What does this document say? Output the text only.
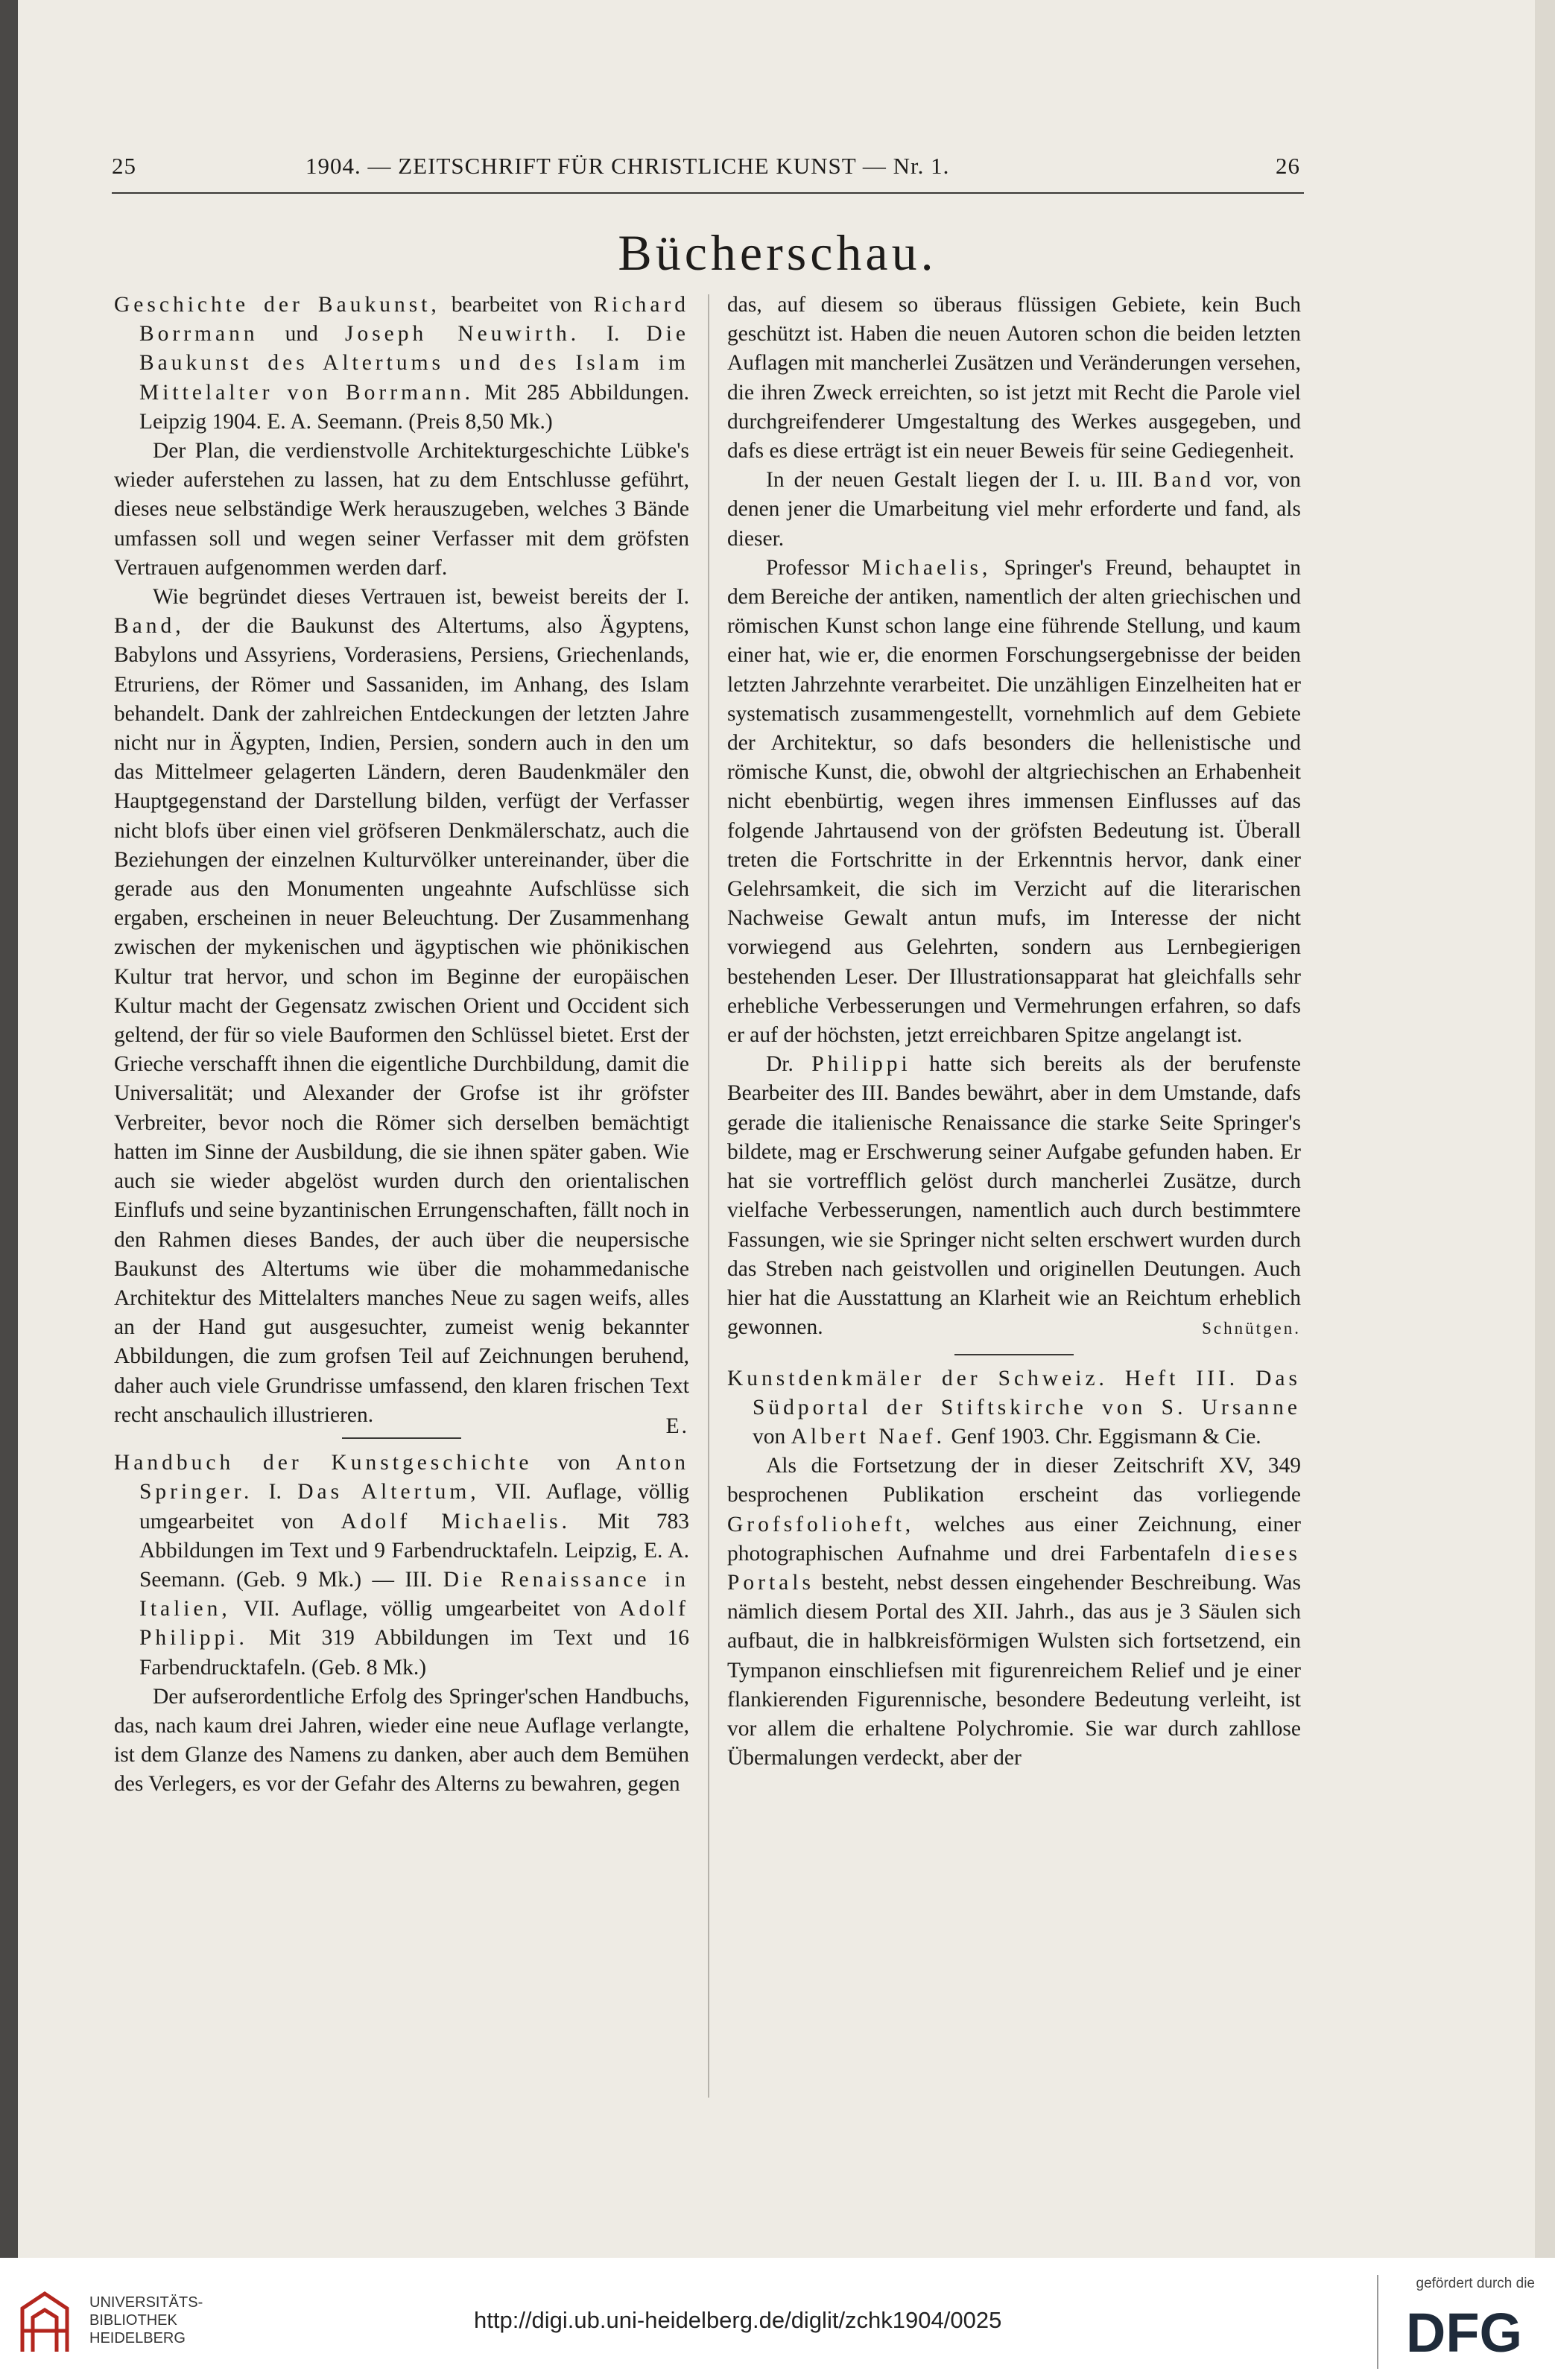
25	1904. — ZEITSCHRIFT FÜR CHRISTLICHE KUNST — Nr. 1.	26
Bücherschau.

Geschichte der Baukunst, bearbeitet von Richard Borrmann und Joseph Neuwirth. I. Die Baukunst des Altertums und des Islam im Mittelalter von Borrmann. Mit 285 Abbildungen. Leipzig 1904. E. A. Seemann. (Preis 8,50 Mk.)

Der Plan, die verdienstvolle Architekturgeschichte Lübke's wieder auferstehen zu lassen, hat zu dem Entschlusse geführt, dieses neue selbständige Werk herauszugeben, welches 3 Bände umfassen soll und wegen seiner Verfasser mit dem gröfsten Vertrauen aufgenommen werden darf.

Wie begründet dieses Vertrauen ist, beweist bereits der I. Band, der die Baukunst des Altertums, also Ägyptens, Babylons und Assyriens, Vorderasiens, Persiens, Griechenlands, Etruriens, der Römer und Sassaniden, im Anhang, des Islam behandelt. Dank der zahlreichen Entdeckungen der letzten Jahre nicht nur in Ägypten, Indien, Persien, sondern auch in den um das Mittelmeer gelagerten Ländern, deren Baudenkmäler den Hauptgegenstand der Darstellung bilden, verfügt der Verfasser nicht blofs über einen viel gröfseren Denkmälerschatz, auch die Beziehungen der einzelnen Kulturvölker untereinander, über die gerade aus den Monumenten ungeahnte Aufschlüsse sich ergaben, erscheinen in neuer Beleuchtung. Der Zusammenhang zwischen der mykenischen und ägyptischen wie phönikischen Kultur trat hervor, und schon im Beginne der europäischen Kultur macht der Gegensatz zwischen Orient und Occident sich geltend, der für so viele Bauformen den Schlüssel bietet. Erst der Grieche verschafft ihnen die eigentliche Durchbildung, damit die Universalität; und Alexander der Grofse ist ihr gröfster Verbreiter, bevor noch die Römer sich derselben bemächtigt hatten im Sinne der Ausbildung, die sie ihnen später gaben. Wie auch sie wieder abgelöst wurden durch den orientalischen Einflufs und seine byzantinischen Errungenschaften, fällt noch in den Rahmen dieses Bandes, der auch über die neupersische Baukunst des Altertums wie über die mohammedanische Architektur des Mittelalters manches Neue zu sagen weifs, alles an der Hand gut ausgesuchter, zumeist wenig bekannter Abbildungen, die zum grofsen Teil auf Zeichnungen beruhend, daher auch viele Grundrisse umfassend, den klaren frischen Text recht anschaulich illustrieren.	E.

Handbuch der Kunstgeschichte von Anton Springer. I. Das Altertum, VII. Auflage, völlig umgearbeitet von Adolf Michaelis. Mit 783 Abbildungen im Text und 9 Farbendrucktafeln. Leipzig, E. A. Seemann. (Geb. 9 Mk.) — III. Die Renaissance in Italien, VII. Auflage, völlig umgearbeitet von Adolf Philippi. Mit 319 Abbildungen im Text und 16 Farbendrucktafeln. (Geb. 8 Mk.)

Der aufserordentliche Erfolg des Springer'schen Handbuchs, das, nach kaum drei Jahren, wieder eine neue Auflage verlangte, ist dem Glanze des Namens zu danken, aber auch dem Bemühen des Verlegers, es vor der Gefahr des Alterns zu bewahren, gegen

das, auf diesem so überaus flüssigen Gebiete, kein Buch geschützt ist. Haben die neuen Autoren schon die beiden letzten Auflagen mit mancherlei Zusätzen und Veränderungen versehen, die ihren Zweck erreichten, so ist jetzt mit Recht die Parole viel durchgreifenderer Umgestaltung des Werkes ausgegeben, und dafs es diese erträgt ist ein neuer Beweis für seine Gediegenheit.

In der neuen Gestalt liegen der I. u. III. Band vor, von denen jener die Umarbeitung viel mehr erforderte und fand, als dieser.

Professor Michaelis, Springer's Freund, behauptet in dem Bereiche der antiken, namentlich der alten griechischen und römischen Kunst schon lange eine führende Stellung, und kaum einer hat, wie er, die enormen Forschungsergebnisse der beiden letzten Jahrzehnte verarbeitet. Die unzähligen Einzelheiten hat er systematisch zusammengestellt, vornehmlich auf dem Gebiete der Architektur, so dafs besonders die hellenistische und römische Kunst, die, obwohl der altgriechischen an Erhabenheit nicht ebenbürtig, wegen ihres immensen Einflusses auf das folgende Jahrtausend von der gröfsten Bedeutung ist. Überall treten die Fortschritte in der Erkenntnis hervor, dank einer Gelehrsamkeit, die sich im Verzicht auf die literarischen Nachweise Gewalt antun mufs, im Interesse der nicht vorwiegend aus Gelehrten, sondern aus Lernbegierigen bestehenden Leser. Der Illustrationsapparat hat gleichfalls sehr erhebliche Verbesserungen und Vermehrungen erfahren, so dafs er auf der höchsten, jetzt erreichbaren Spitze angelangt ist.

Dr. Philippi hatte sich bereits als der berufenste Bearbeiter des III. Bandes bewährt, aber in dem Umstande, dafs gerade die italienische Renaissance die starke Seite Springer's bildete, mag er Erschwerung seiner Aufgabe gefunden haben. Er hat sie vortrefflich gelöst durch mancherlei Zusätze, durch vielfache Verbesserungen, namentlich auch durch bestimmtere Fassungen, wie sie Springer nicht selten erschwert wurden durch das Streben nach geistvollen und originellen Deutungen. Auch hier hat die Ausstattung an Klarheit wie an Reichtum erheblich gewonnen.	Schnütgen.

Kunstdenkmäler der Schweiz. Heft III. Das Südportal der Stiftskirche von S. Ursanne von Albert Naef. Genf 1903. Chr. Eggismann & Cie.

Als die Fortsetzung der in dieser Zeitschrift XV, 349 besprochenen Publikation erscheint das vorliegende Grofsfolioheft, welches aus einer Zeichnung, einer photographischen Aufnahme und drei Farbentafeln dieses Portals besteht, nebst dessen eingehender Beschreibung. Was nämlich diesem Portal des XII. Jahrh., das aus je 3 Säulen sich aufbaut, die in halbkreisförmigen Wulsten sich fortsetzend, ein Tympanon einschliefsen mit figurenreichem Relief und je einer flankierenden Figurennische, besondere Bedeutung verleiht, ist vor allem die erhaltene Polychromie. Sie war durch zahllose Übermalungen verdeckt, aber der

UNIVERSITÄTS-
BIBLIOTHEK
HEIDELBERG
http://digi.ub.uni-heidelberg.de/diglit/zchk1904/0025
gefördert durch die
DFG
